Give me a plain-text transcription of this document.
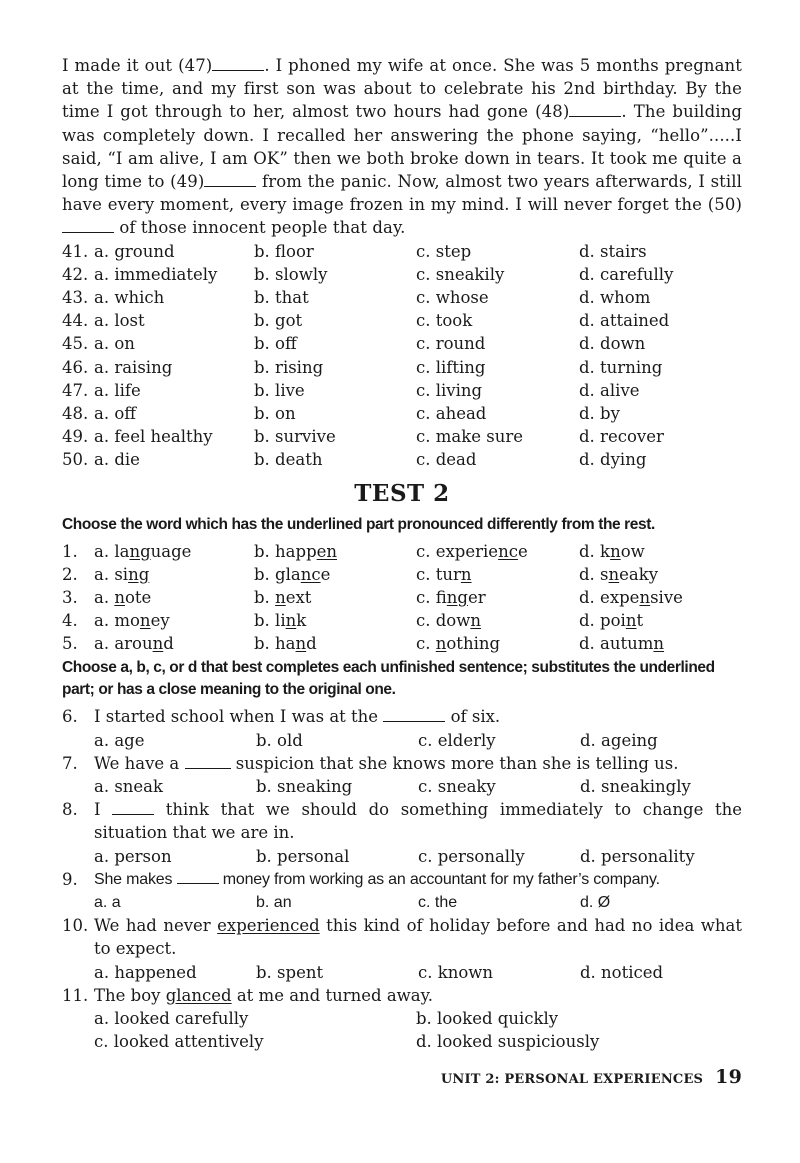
I made it out (47)	. I phoned my wife at once. She was 5 months pregnant at the time, and my first son was about to celebrate his 2nd birthday. By the time I got through to her, almost two hours had gone (48)	. The building was completely down. I recalled her answering the phone saying, “hello”.....I said, “I am alive, I am OK” then we both broke down in tears. It took me quite a long time to (49)	from the panic. Now, almost two years afterwards, I still have every moment, every image frozen in my mind. I will never forget the (50) of those innocent people that day.

41. a. ground	b. floor	c. step	d. stairs
42. a. immediately	b. slowly	c. sneakily	d. carefully
43. a. which	b. that	c. whose	d. whom
44. a. lost	b. got	c. took	d. attained
45. a. on	b. off	c. round	d. down
46. a. raising	b. rising	c. lifting	d. turning
47. a. life	b. live	c. living	d. alive
48. a. off	b. on	c. ahead	d. by
49. a. feel healthy	b. survive	c. make sure	d. recover
50. a. die	b. death	c. dead	d. dying
TEST 2
Choose the word which has the underlined part pronounced differently from the rest.
1. a. language	b. happen	c. experience	d. know
2. a. sing	b. glance	c. turn	d. sneaky
3. a. note	b. next	c. finger	d. expensive
4. a. money	b. link	c. down	d. point
5. a. around	b. hand	c. nothing	d. autumn
Choose a, b, c, or d that best completes each unfinished sentence; substitutes the underlined part; or has a close meaning to the original one.
6. I started school when I was at the	of six.
a. age	b. old	c. elderly	d. ageing
7. We have a	suspicion that she knows more than she is telling us.
a. sneak	b. sneaking	c. sneaky	d. sneakingly
8. I	think that we should do something immediately to change the situation that we are in.
a. person	b. personal	c. personally	d. personality
9.	She makes	money from working as an accountant for my father’s company.
a. a	b. an	c. the	d. Ø
10. We had never experienced this kind of holiday before and had no idea what to expect.
a. happened	b. spent	c. known	d. noticed
11. The boy glanced at me and turned away.
a. looked carefully	b. looked quickly
c. looked attentively	d. looked suspiciously
UNIT 2: PERSONAL EXPERIENCES 19
